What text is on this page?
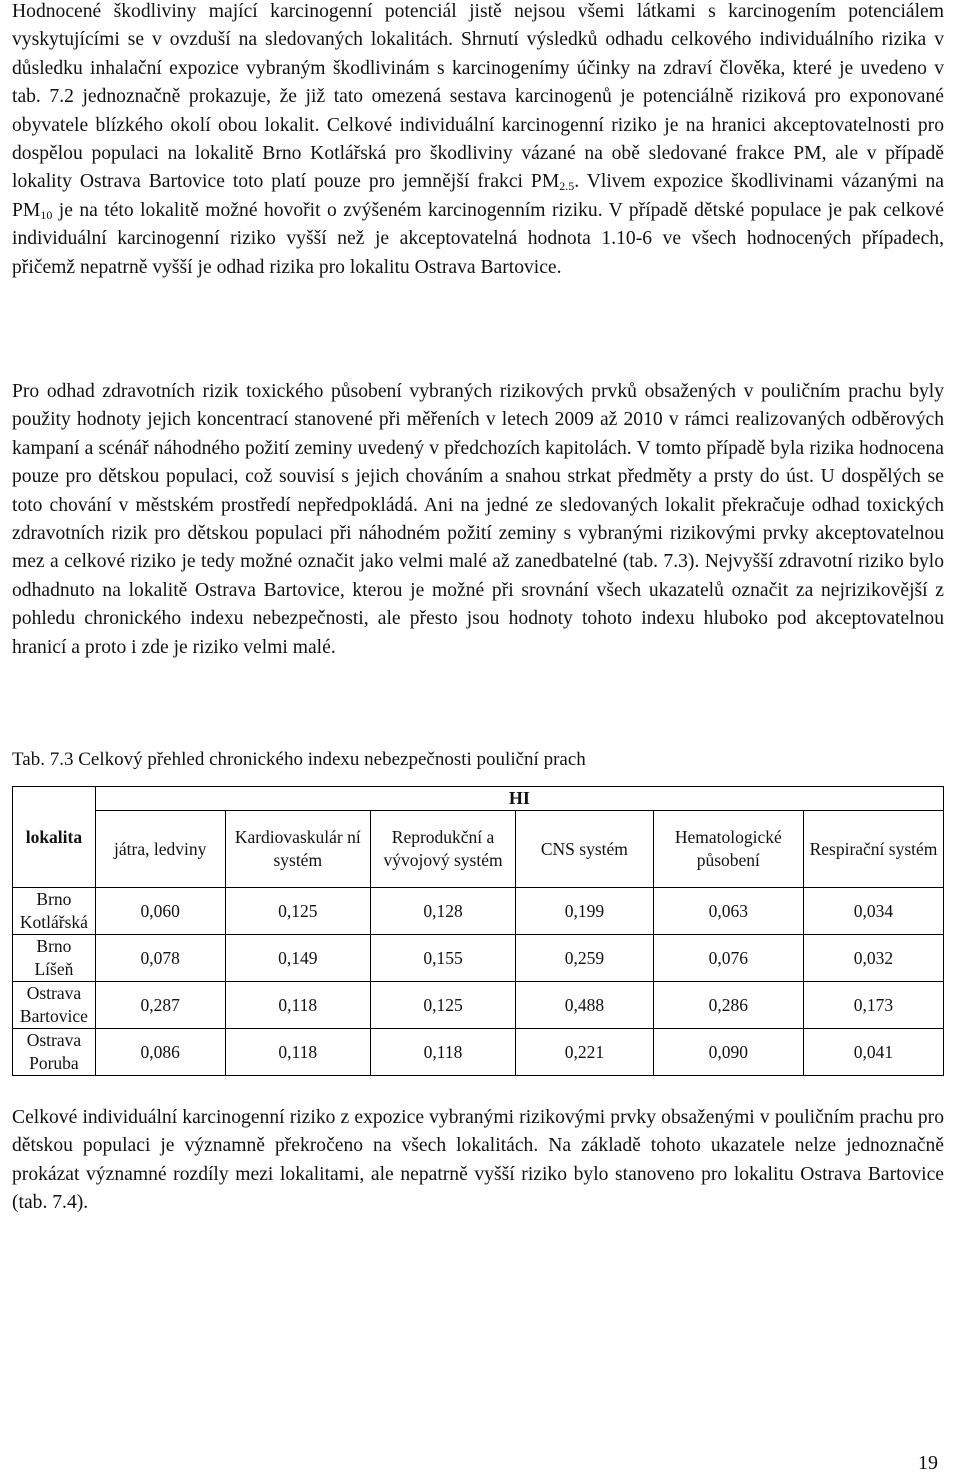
Hodnocené škodliviny mající karcinogenní potenciál jistě nejsou všemi látkami s karcinogením potenciálem vyskytujícími se v ovzduší na sledovaných lokalitách. Shrnutí výsledků odhadu celkového individuálního rizika v důsledku inhalační expozice vybraným škodlivinám s karcinogenímy účinky na zdraví člověka, které je uvedeno v tab. 7.2 jednoznačně prokazuje, že již tato omezená sestava karcinogenů je potenciálně riziková pro exponované obyvatele blízkého okolí obou lokalit. Celkové individuální karcinogenní riziko je na hranici akceptovatelnosti pro dospělou populaci na lokalitě Brno Kotlářská pro škodliviny vázané na obě sledované frakce PM, ale v případě lokality Ostrava Bartovice toto platí pouze pro jemnější frakci $PM_{2.5}$. Vlivem expozice škodlivinami vázanými na $PM_{10}$ je na této lokalitě možné hovořit o zvýšeném karcinogenním riziku. V případě dětské populace je pak celkové individuální karcinogenní riziko vyšší než je akceptovatelná hodnota 1.10-6 ve všech hodnocených případech, přičemž nepatrně vyšší je odhad rizika pro lokalitu Ostrava Bartovice.

Pro odhad zdravotních rizik toxického působení vybraných rizikových prvků obsažených v pouličním prachu byly použity hodnoty jejich koncentrací stanovené při měřeních v letech 2009 až 2010 v rámci realizovaných odběrových kampaní a scénář náhodného požití zeminy uvedený v předchozích kapitolách. V tomto případě byla rizika hodnocena pouze pro dětskou populaci, což souvisí s jejich chováním a snahou strkat předměty a prsty do úst. U dospělých se toto chování v městském prostředí nepředpokládá. Ani na jedné ze sledovaných lokalit překračuje odhad toxických zdravotních rizik pro dětskou populaci při náhodném požití zeminy s vybranými rizikovými prvky akceptovatelnou mez a celkové riziko je tedy možné označit jako velmi malé až zanedbatelné (tab. 7.3). Nejvyšší zdravotní riziko bylo odhadnuto na lokalitě Ostrava Bartovice, kterou je možné při srovnání všech ukazatelů označit za nejrizikovější z pohledu chronického indexu nebezpečnosti, ale přesto jsou hodnoty tohoto indexu hluboko pod akceptovatelnou hranicí a proto i zde je riziko velmi malé.

Tab. 7.3 Celkový přehled chronického indexu nebezpečnosti pouliční prach
lokalita	HI					
	játra, ledviny	Kardiovaskulár ní systém	Reprodukční a vývojový systém	CNS systém	Hematologické působení	Respirační systém
Brno
Kotlářská	0,060	0,125	0,128	0,199	0,063	0,034
Brno
Líšeň	0,078	0,149	0,155	0,259	0,076	0,032
Ostrava
Bartovice	0,287	0,118	0,125	0,488	0,286	0,173
Ostrava
Poruba	0,086	0,118	0,118	0,221	0,090	0,041

Celkové individuální karcinogenní riziko z expozice vybranými rizikovými prvky obsaženými v pouličním prachu pro dětskou populaci je významně překročeno na všech lokalitách. Na základě tohoto ukazatele nelze jednoznačně prokázat významné rozdíly mezi lokalitami, ale nepatrně vyšší riziko bylo stanoveno pro lokalitu Ostrava Bartovice (tab. 7.4).

19
